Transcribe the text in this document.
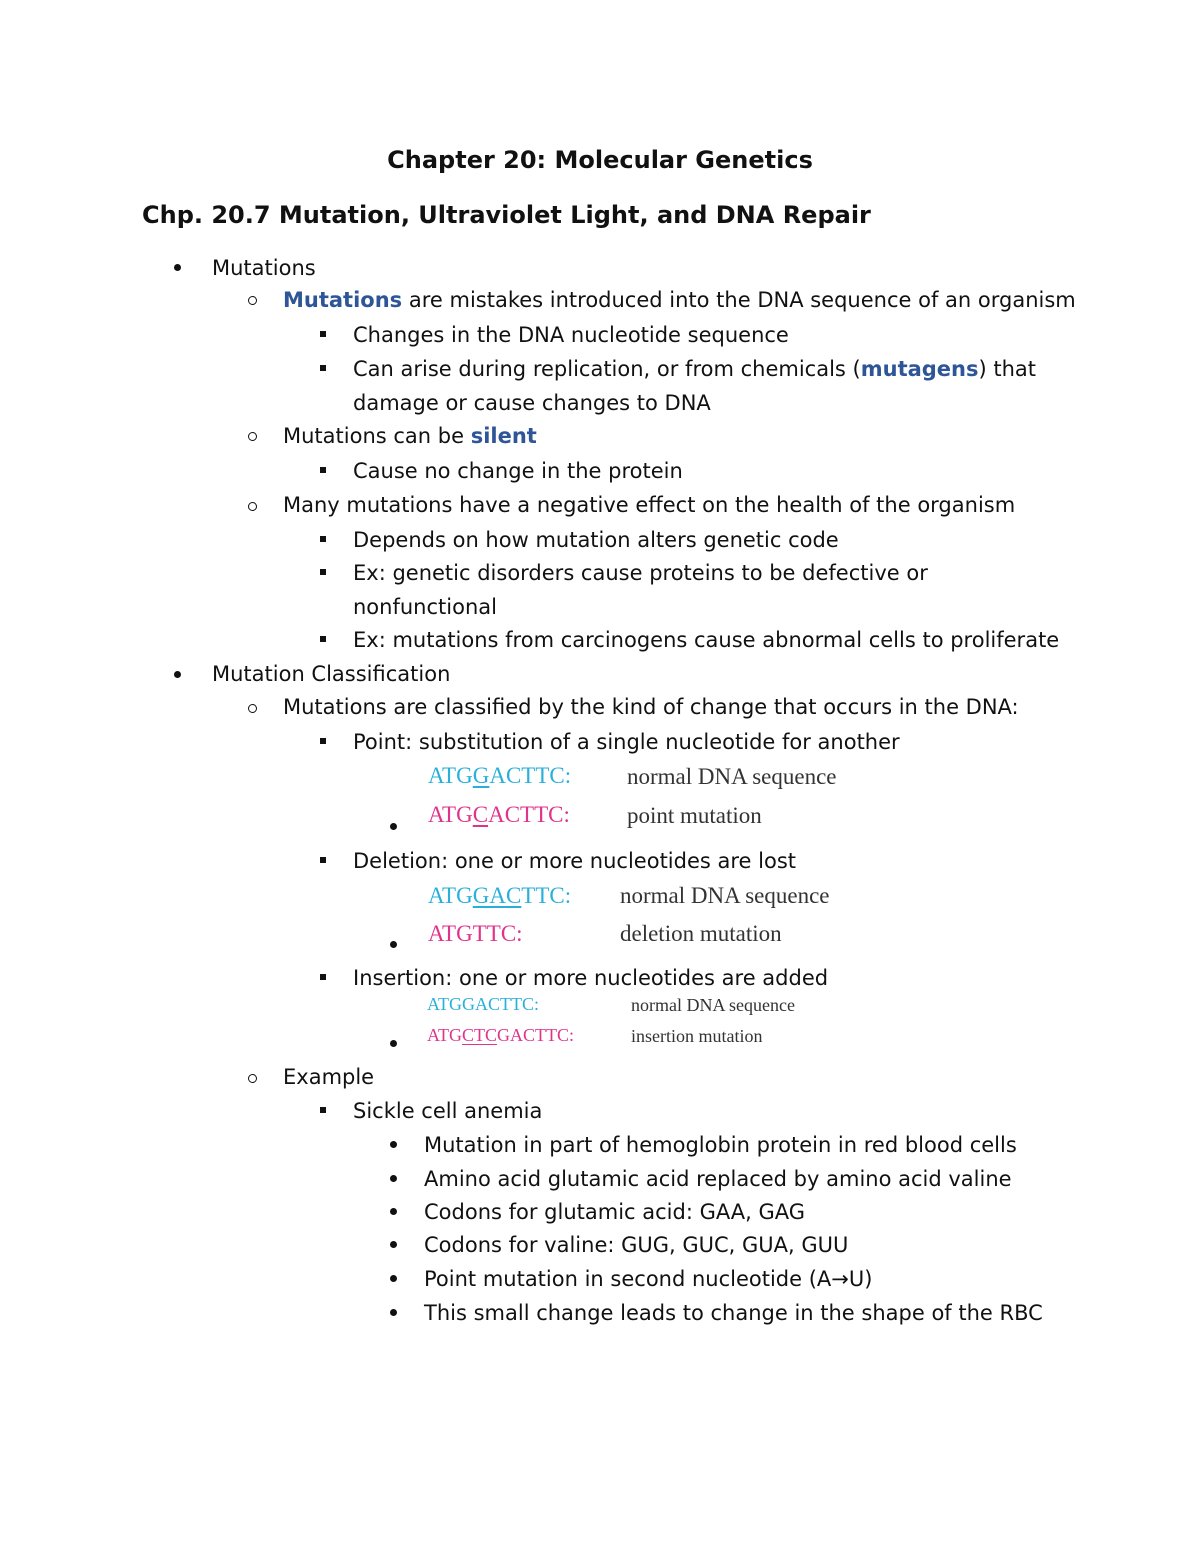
Chapter 20: Molecular Genetics
Chp. 20.7 Mutation, Ultraviolet Light, and DNA Repair
Mutations
Mutations are mistakes introduced into the DNA sequence of an organism
Changes in the DNA nucleotide sequence
Can arise during replication, or from chemicals (mutagens) that
damage or cause changes to DNA
Mutations can be silent
Cause no change in the protein
Many mutations have a negative effect on the health of the organism
Depends on how mutation alters genetic code
Ex: genetic disorders cause proteins to be defective or
nonfunctional
Ex: mutations from carcinogens cause abnormal cells to proliferate
Mutation Classification
Mutations are classified by the kind of change that occurs in the DNA:
Point: substitution of a single nucleotide for another
ATGGACTTC: normal DNA sequence
ATGCACTTC: point mutation
Deletion: one or more nucleotides are lost
ATGGACTTC: normal DNA sequence
ATGTTC:	deletion mutation
Insertion: one or more nucleotides are added
ATGGACTTC:	normal DNA sequence
ATGCTCGACTTC:	insertion mutation
Example
Sickle cell anemia
Mutation in part of hemoglobin protein in red blood cells
Amino acid glutamic acid replaced by amino acid valine
Codons for glutamic acid: GAA, GAG
Codons for valine: GUG, GUC, GUA, GUU
Point mutation in second nucleotide (A→U)
This small change leads to change in the shape of the RBC
